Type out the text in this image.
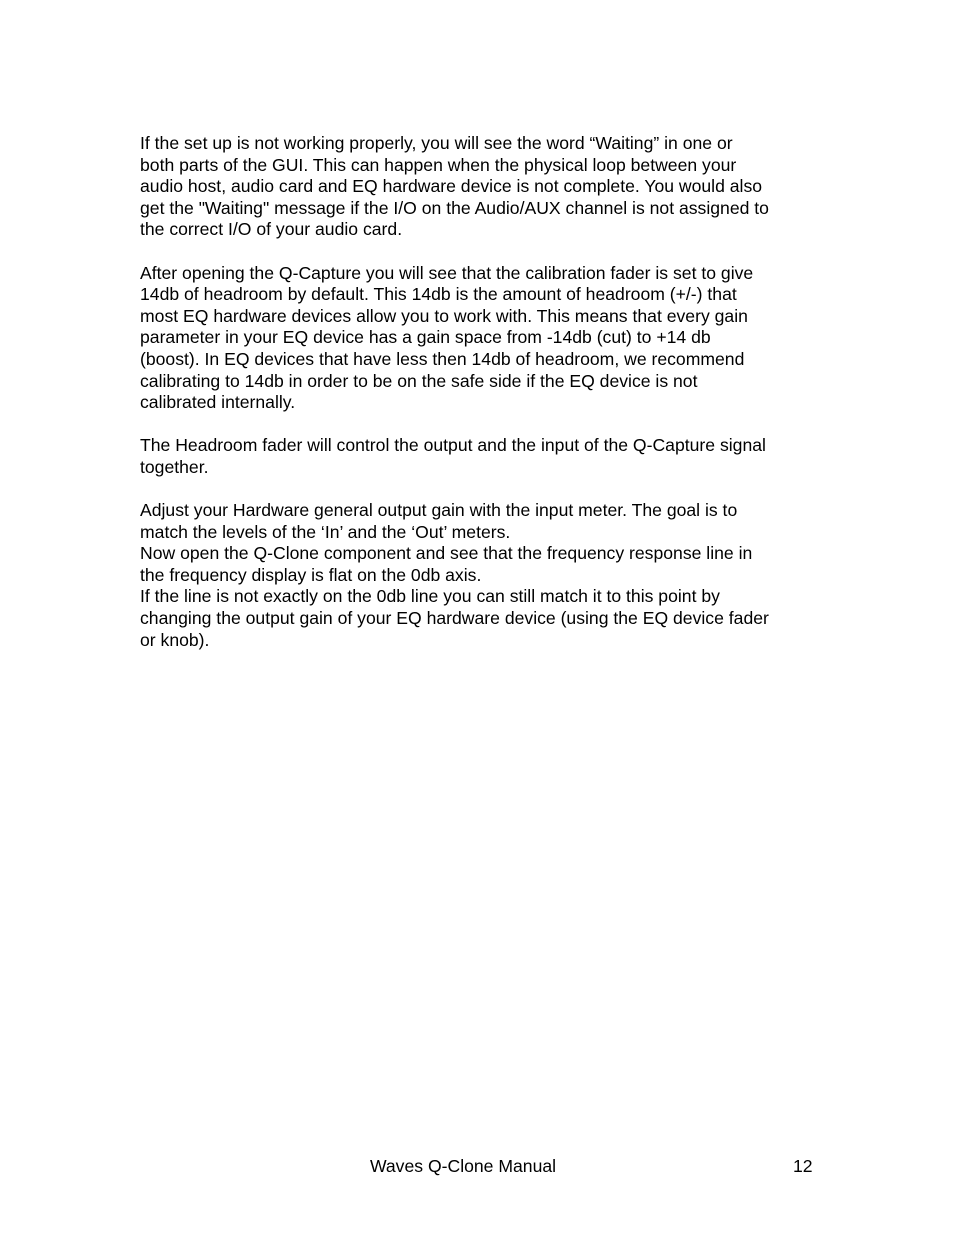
If the set up is not working properly, you will see the word “Waiting” in one or
both parts of the GUI. This can happen when the physical loop between your
audio host, audio card and EQ hardware device is not complete. You would also
get the "Waiting" message if the I/O on the Audio/AUX channel is not assigned to
the correct I/O of your audio card.

After opening the Q-Capture you will see that the calibration fader is set to give
14db of headroom by default. This 14db is the amount of headroom (+/-) that
most EQ hardware devices allow you to work with. This means that every gain
parameter in your EQ device has a gain space from -14db (cut) to +14 db
(boost). In EQ devices that have less then 14db of headroom, we recommend
calibrating to 14db in order to be on the safe side if the EQ device is not
calibrated internally.

The Headroom fader will control the output and the input of the Q-Capture signal
together.

Adjust your Hardware general output gain with the input meter. The goal is to
match the levels of the ‘In’ and the ‘Out’ meters.

Now open the Q-Clone component and see that the frequency response line in
the frequency display is flat on the 0db axis.

If the line is not exactly on the 0db line you can still match it to this point by
changing the output gain of your EQ hardware device (using the EQ device fader
or knob).

Waves Q-Clone Manual	12
